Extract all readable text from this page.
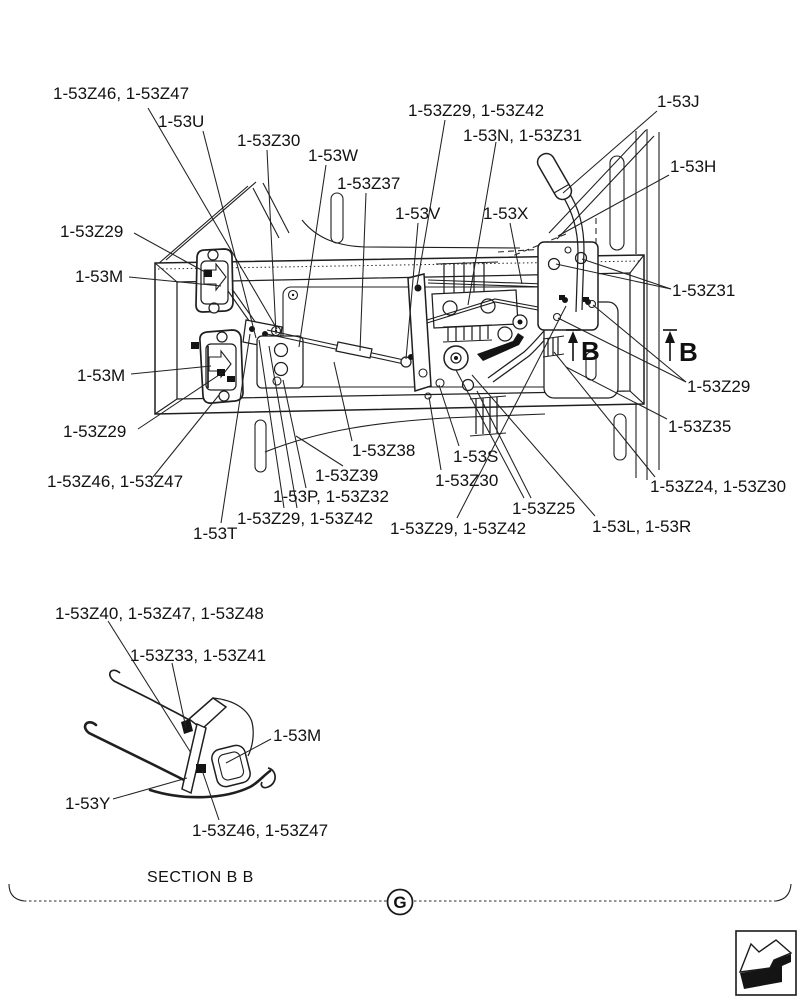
B	B
1-53Z46, 1-53Z47
1-53U
1-53Z30
1-53W
1-53Z37
1-53V
1-53Z29, 1-53Z42
1-53N, 1-53Z31
1-53J
1-53H
1-53X
1-53Z29
1-53M
1-53M
1-53Z29
1-53Z46, 1-53Z47
1-53T
1-53Z29, 1-53Z42
1-53P, 1-53Z32
1-53Z39
1-53Z38 1-53S
1-53Z30
1-53Z25
1-53Z29, 1-53Z42	1-53L, 1-53R
1-53Z24, 1-53Z30
1-53Z35
1-53Z29
1-53Z31
1-53Z40, 1-53Z47, 1-53Z48
1-53Z33, 1-53Z41
1-53M
1-53Y
1-53Z46, 1-53Z47
SECTION B B
G
